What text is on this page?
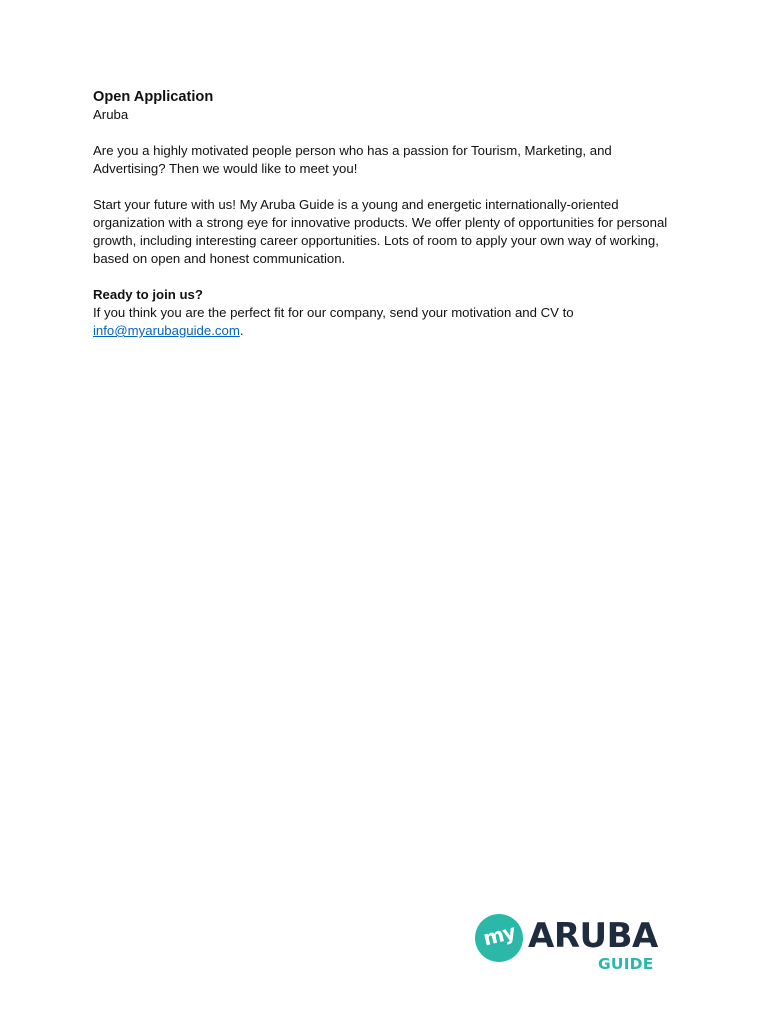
Open Application

Aruba

Are you a highly motivated people person who has a passion for Tourism, Marketing, and Advertising? Then we would like to meet you!

Start your future with us! My Aruba Guide is a young and energetic internationally-oriented organization with a strong eye for innovative products. We offer plenty of opportunities for personal growth, including interesting career opportunities. Lots of room to apply your own way of working, based on open and honest communication.

Ready to join us?
If you think you are the perfect fit for our company, send your motivation and CV to
info@myarubaguide.com.
my ARUBA
GUIDE
